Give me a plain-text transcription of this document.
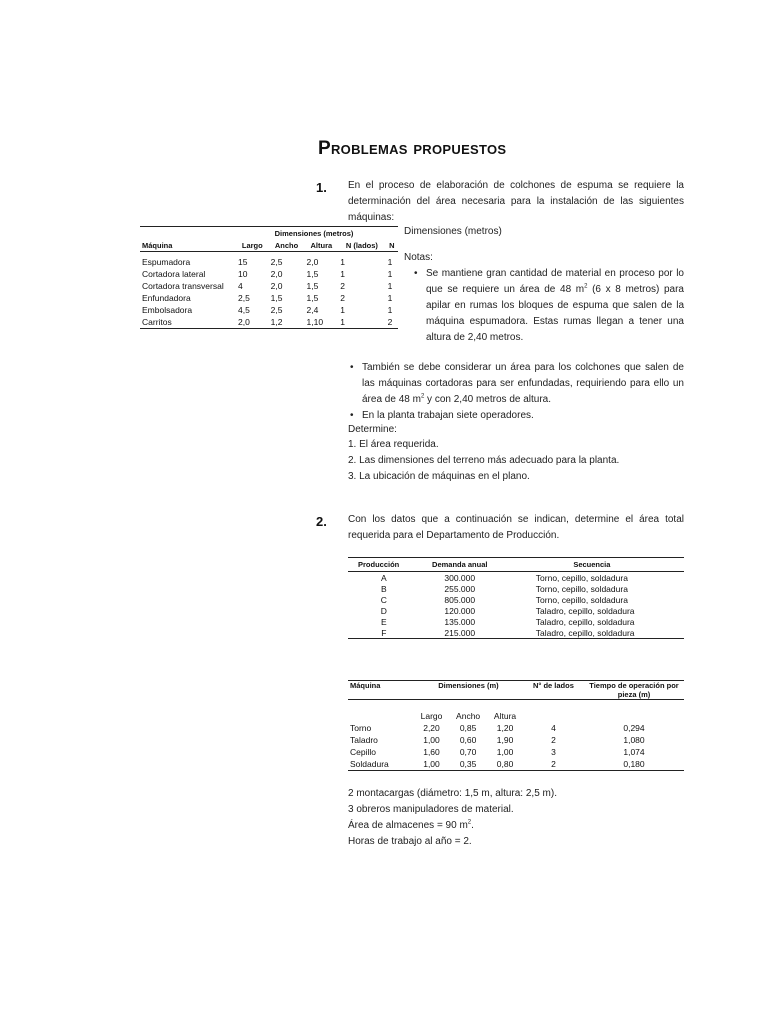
Problemas propuestos
1. En el proceso de elaboración de colchones de espuma se requiere la determinación del área necesaria para la instalación de las siguientes máquinas:
		Dimensiones (metros)			
Máquina	Largo	Ancho	Altura	N (lados)	N

Espumadora	15	2,5	2,0	1	1
Cortadora lateral	10	2,0	1,5	1	1
Cortadora transversal	4	2,0	1,5	2	1
Enfundadora	2,5	1,5	1,5	2	1
Embolsadora	4,5	2,5	2,4	1	1
Carritos	2,0	1,2	1,10	1	2
Dimensiones (metros)
Notas:
• Se mantiene gran cantidad de material en proceso por lo que se requiere un área de 48 $m^2$ (6 x 8 metros) para apilar en rumas los bloques de espuma que salen de la máquina espumadora. Estas rumas llegan a tener una altura de 2,40 metros.
• También se debe considerar un área para los colchones que salen de las máquinas cortadoras para ser enfundadas, requiriendo para ello un área de 48 $m^2$ y con 2,40 metros de altura.
• En la planta trabajan siete operadores.
Determine:
1. El área requerida.
2. Las dimensiones del terreno más adecuado para la planta.
3. La ubicación de máquinas en el plano.
2. Con los datos que a continuación se indican, determine el área total requerida para el Departamento de Producción.
Producción	Demanda anual	Secuencia
A	300.000	Torno, cepillo, soldadura
B	255.000	Torno, cepillo, soldadura
C	805.000	Torno, cepillo, soldadura
D	120.000	Taladro, cepillo, soldadura
E	135.000	Taladro, cepillo, soldadura
F	215.000	Taladro, cepillo, soldadura
Máquina	Dimensiones (m)			N° de lados	Tiempo de operación por pieza (m)

	Largo	Ancho	Altura		
Torno	2,20	0,85	1,20	4	0,294
Taladro	1,00	0,60	1,90	2	1,080
Cepillo	1,60	0,70	1,00	3	1,074
Soldadura	1,00	0,35	0,80	2	0,180
2 montacargas (diámetro: 1,5 m, altura: 2,5 m).
3 obreros manipuladores de material.
Área de almacenes = 90 $m^2$.
Horas de trabajo al año = 2.
